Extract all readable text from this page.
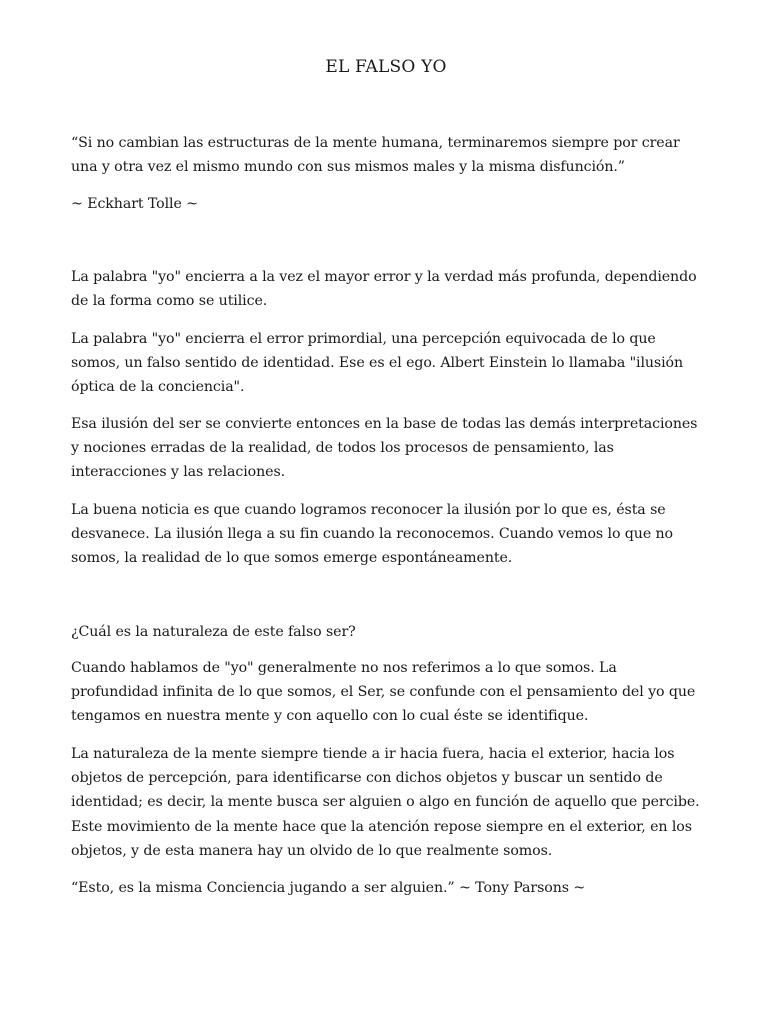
EL FALSO YO

“Si no cambian las estructuras de la mente humana, terminaremos siempre por crear una y otra vez el mismo mundo con sus mismos males y la misma disfunción.”

~ Eckhart Tolle ~

La palabra "yo" encierra a la vez el mayor error y la verdad más profunda, dependiendo de la forma como se utilice.

La palabra "yo" encierra el error primordial, una percepción equivocada de lo que somos, un falso sentido de identidad. Ese es el ego. Albert Einstein lo llamaba "ilusión óptica de la conciencia".

Esa ilusión del ser se convierte entonces en la base de todas las demás interpretaciones y nociones erradas de la realidad, de todos los procesos de pensamiento, las interacciones y las relaciones.

La buena noticia es que cuando logramos reconocer la ilusión por lo que es, ésta se desvanece. La ilusión llega a su fin cuando la reconocemos. Cuando vemos lo que no somos, la realidad de lo que somos emerge espontáneamente.

¿Cuál es la naturaleza de este falso ser?

Cuando hablamos de "yo" generalmente no nos referimos a lo que somos. La profundidad infinita de lo que somos, el Ser, se confunde con el pensamiento del yo que tengamos en nuestra mente y con aquello con lo cual éste se identifique.

La naturaleza de la mente siempre tiende a ir hacia fuera, hacia el exterior, hacia los objetos de percepción, para identificarse con dichos objetos y buscar un sentido de identidad; es decir, la mente busca ser alguien o algo en función de aquello que percibe. Este movimiento de la mente hace que la atención repose siempre en el exterior, en los objetos, y de esta manera hay un olvido de lo que realmente somos.

“Esto, es la misma Conciencia jugando a ser alguien.” ~ Tony Parsons ~
